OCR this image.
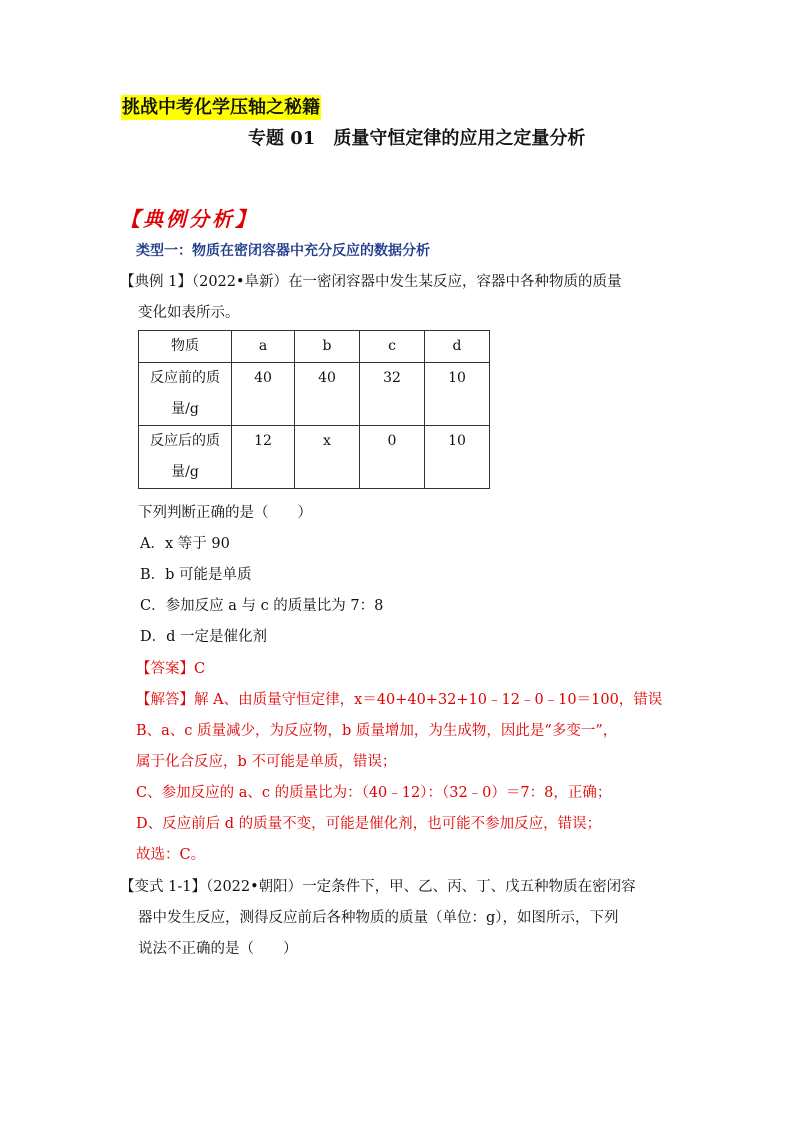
挑战中考化学压轴之秘籍
专题 01　质量守恒定律的应用之定量分析
【典例分析】
类型一：物质在密闭容器中充分反应的数据分析
【典例 1】（2022•阜新）在一密闭容器中发生某反应，容器中各种物质的质量
变化如表所示。
物质	a	b	c	d

反应前的质
量/g	40	40	32	10

反应后的质
量/g	12	x	0	10
下列判断正确的是（　　）
A．x 等于 90
B．b 可能是单质
C．参加反应 a 与 c 的质量比为 7：8
D．d 一定是催化剂
【答案】C
【解答】解 A、由质量守恒定律，x＝40+40+32+10﹣12﹣0﹣10＝100，错误
B、a、c 质量减少，为反应物，b 质量增加，为生成物，因此是“多变一”，
属于化合反应，b 不可能是单质，错误；
C、参加反应的 a、c 的质量比为：（40﹣12）：（32﹣0）＝7：8，正确；
D、反应前后 d 的质量不变，可能是催化剂，也可能不参加反应，错误；
故选：C。
【变式 1-1】（2022•朝阳）一定条件下，甲、乙、丙、丁、戊五种物质在密闭容
器中发生反应，测得反应前后各种物质的质量（单位：g），如图所示，下列
说法不正确的是（　　）
